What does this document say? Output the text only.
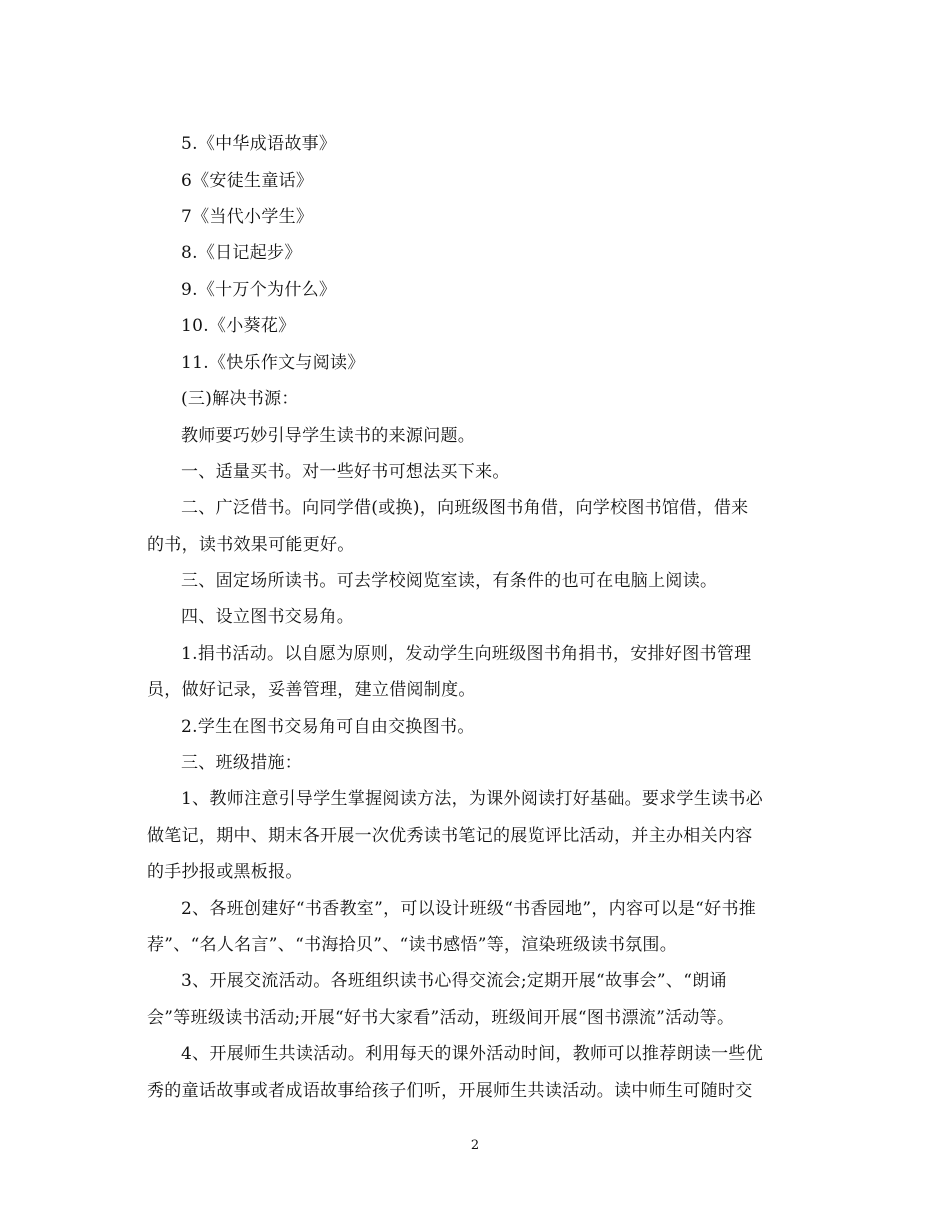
5.《中华成语故事》
6《安徒生童话》
7《当代小学生》
8.《日记起步》
9.《十万个为什么》
10.《小葵花》
11.《快乐作文与阅读》
(三)解决书源：
教师要巧妙引导学生读书的来源问题。
一、适量买书。对一些好书可想法买下来。
二、广泛借书。向同学借(或换)，向班级图书角借，向学校图书馆借，借来
的书，读书效果可能更好。
三、固定场所读书。可去学校阅览室读，有条件的也可在电脑上阅读。
四、设立图书交易角。
1.捐书活动。以自愿为原则，发动学生向班级图书角捐书，安排好图书管理
员，做好记录，妥善管理，建立借阅制度。
2.学生在图书交易角可自由交换图书。
三、班级措施：
1、教师注意引导学生掌握阅读方法，为课外阅读打好基础。要求学生读书必
做笔记，期中、期末各开展一次优秀读书笔记的展览评比活动，并主办相关内容
的手抄报或黑板报。
2、各班创建好“书香教室”，可以设计班级“书香园地”，内容可以是“好书推
荐”、“名人名言”、“书海拾贝”、“读书感悟”等，渲染班级读书氛围。
3、开展交流活动。各班组织读书心得交流会;定期开展“故事会”、“朗诵
会”等班级读书活动;开展“好书大家看”活动，班级间开展“图书漂流”活动等。
4、开展师生共读活动。利用每天的课外活动时间，教师可以推荐朗读一些优
秀的童话故事或者成语故事给孩子们听，开展师生共读活动。读中师生可随时交
2
